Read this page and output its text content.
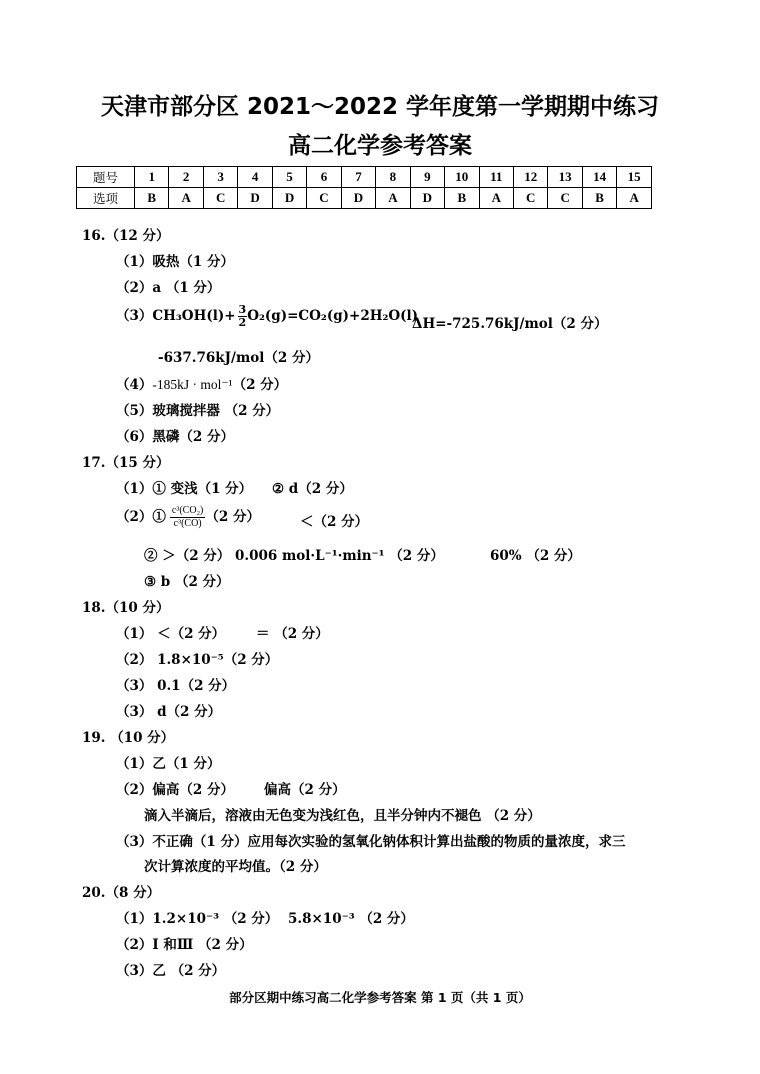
天津市部分区 2021～2022 学年度第一学期期中练习
高二化学参考答案
题号	1	2	3	4	5	6	7	8	9	10	11	12	13	14	15
选项	B	A	C	D	D	C	D	A	D	B	A	C	C	B	A
16.（12 分）
（1）吸热（1 分）
（2）a （1 分）
$(3)CH_3OH(l)+ \frac{3}{2} O_2(g)=CO_2(g)+2H_2O(l)$
ΔH=-725.76kJ/mol（2 分）
-637.76kJ/mol（2 分）
（4）-185kJ · mol⁻¹（2 分）
（5）玻璃搅拌器 （2 分）
（6）黑磷（2 分）
17.（15 分）
（1）① 变浅（1 分） ② d（2 分）
（2）① $\frac{\text{c³(CO₂)}}{\text{c³(CO)}}(2$ 分）	＜（2 分）
② ＞（2 分） 0.006 mol·L⁻¹·min⁻¹ （2 分）	60% （2 分）
③ b （2 分）
18.（10 分）
（1） ＜（2 分） ＝ （2 分）
（2） 1.8×10⁻⁵（2 分）
（3） 0.1（2 分）
（3） d（2 分）
19. （10 分）
（1）乙（1 分）
（2）偏高（2 分） 偏高（2 分）
滴入半滴后，溶液由无色变为浅红色，且半分钟内不褪色 （2 分）
（3）不正确（1 分）应用每次实验的氢氧化钠体积计算出盐酸的物质的量浓度，求三
次计算浓度的平均值。（2 分）
20.（8 分）
（1）1.2×10⁻³ （2 分） 5.8×10⁻³ （2 分）
（2）I 和Ⅲ （2 分）
（3）乙 （2 分）
部分区期中练习高二化学参考答案 第 1 页（共 1 页）
